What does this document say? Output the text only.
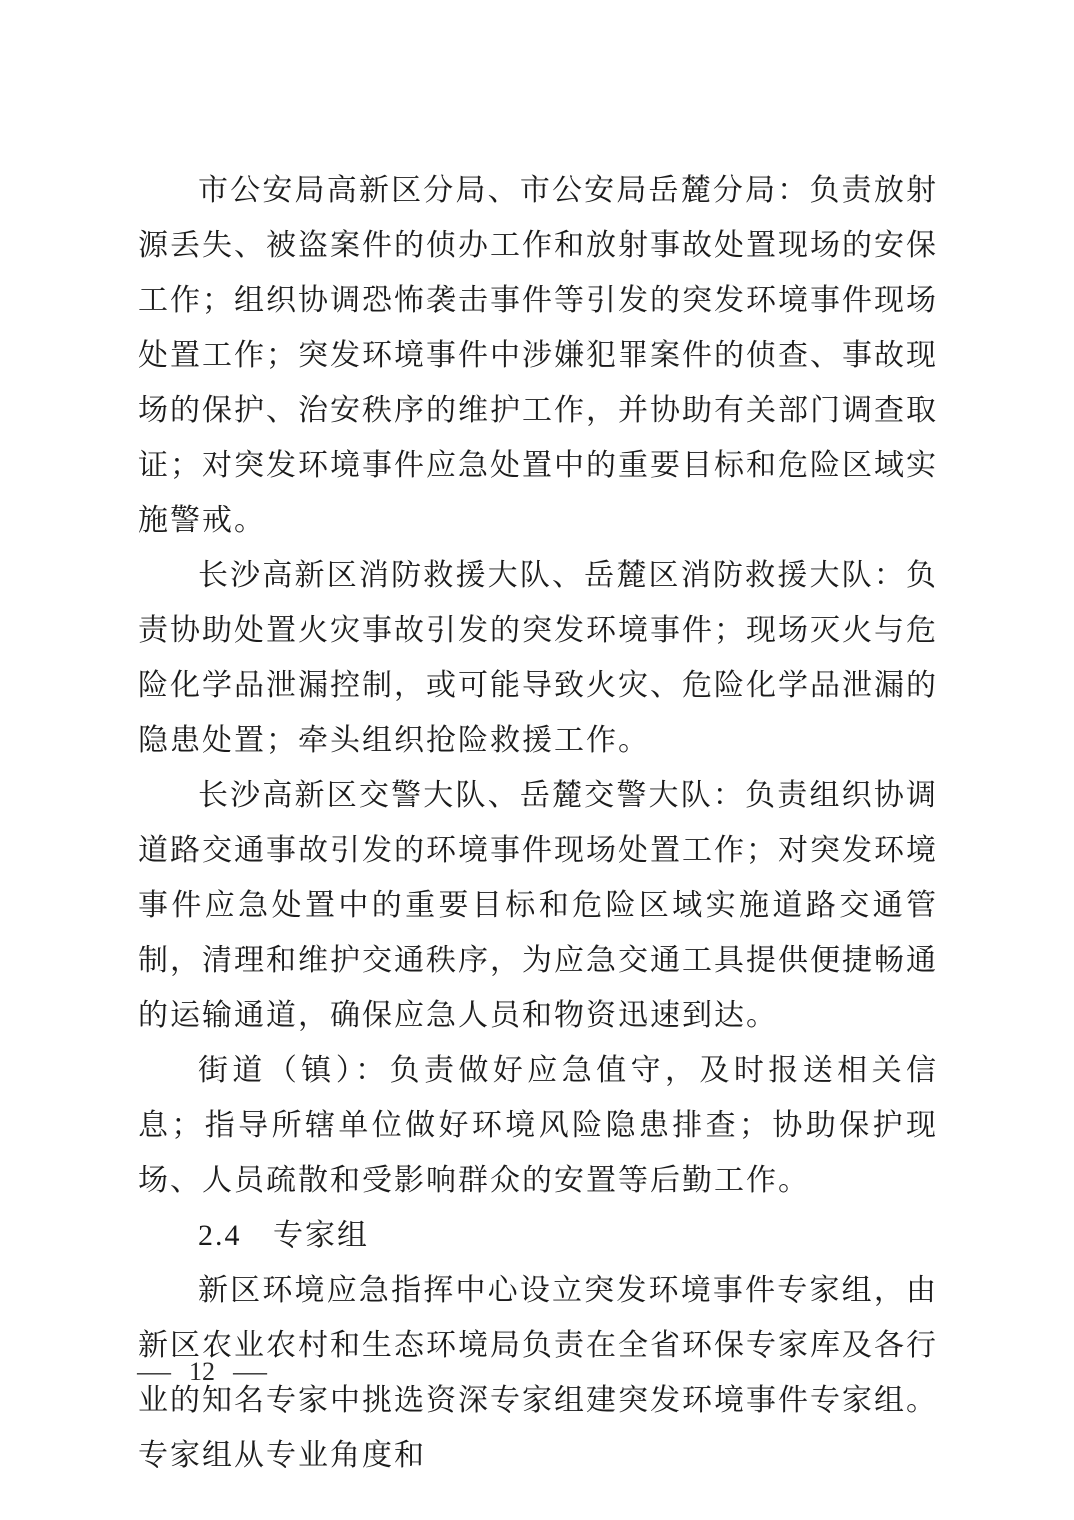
市公安局高新区分局、市公安局岳麓分局：负责放射源丢失、被盗案件的侦办工作和放射事故处置现场的安保工作；组织协调恐怖袭击事件等引发的突发环境事件现场处置工作；突发环境事件中涉嫌犯罪案件的侦查、事故现场的保护、治安秩序的维护工作，并协助有关部门调查取证；对突发环境事件应急处置中的重要目标和危险区域实施警戒。

长沙高新区消防救援大队、岳麓区消防救援大队：负责协助处置火灾事故引发的突发环境事件；现场灭火与危险化学品泄漏控制，或可能导致火灾、危险化学品泄漏的隐患处置；牵头组织抢险救援工作。

长沙高新区交警大队、岳麓交警大队：负责组织协调道路交通事故引发的环境事件现场处置工作；对突发环境事件应急处置中的重要目标和危险区域实施道路交通管制，清理和维护交通秩序，为应急交通工具提供便捷畅通的运输通道，确保应急人员和物资迅速到达。

街道（镇）：负责做好应急值守，及时报送相关信息；指导所辖单位做好环境风险隐患排查；协助保护现场、人员疏散和受影响群众的安置等后勤工作。

2.4 专家组

新区环境应急指挥中心设立突发环境事件专家组，由新区农业农村和生态环境局负责在全省环保专家库及各行业的知名专家中挑选资深专家组建突发环境事件专家组。专家组从专业角度和

— 12 —
